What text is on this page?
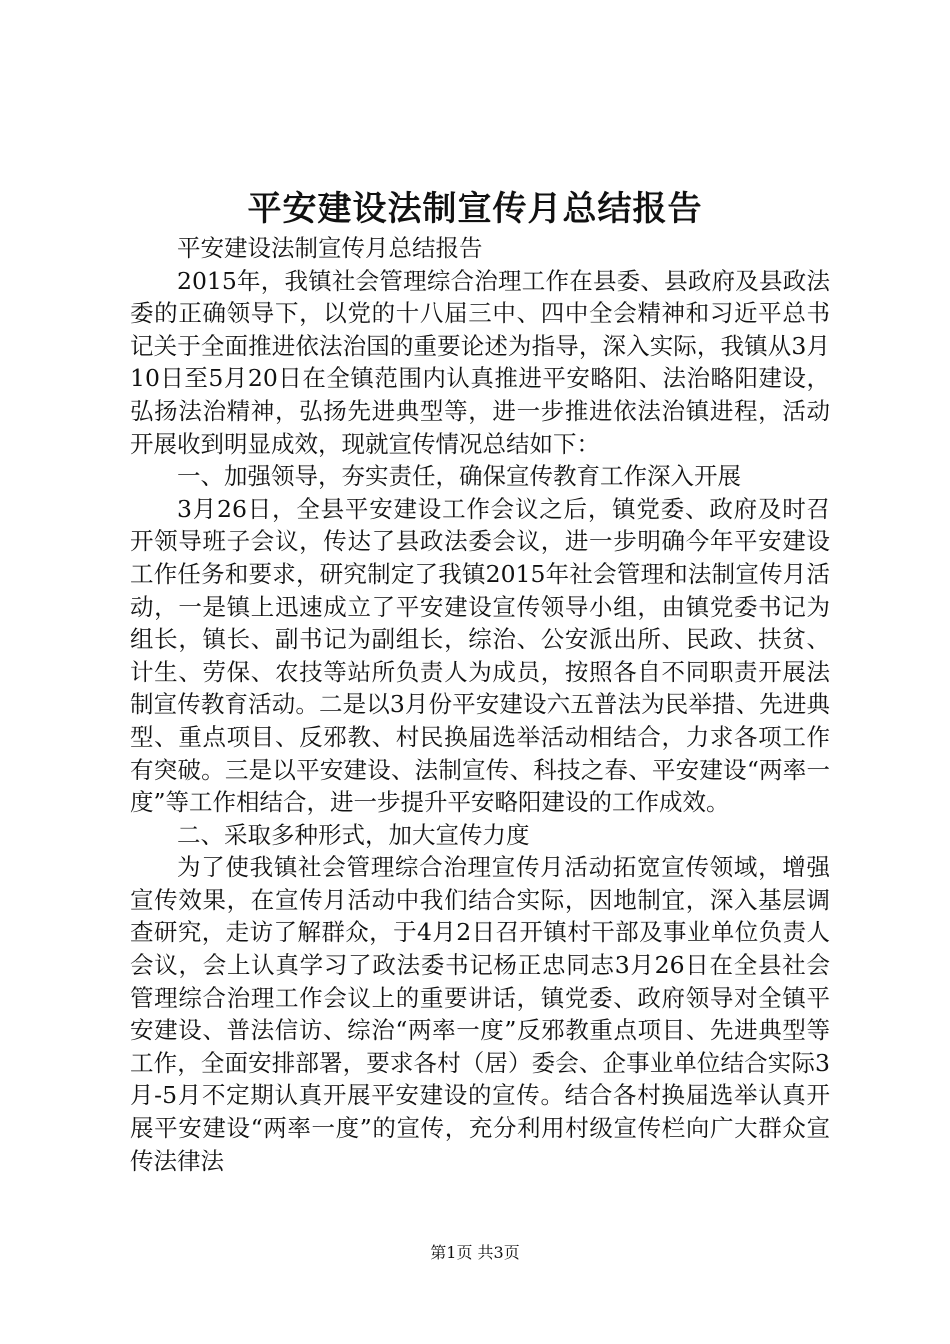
平安建设法制宣传月总结报告

平安建设法制宣传月总结报告

2015年，我镇社会管理综合治理工作在县委、县政府及县政法委的正确领导下，以党的十八届三中、四中全会精神和习近平总书记关于全面推进依法治国的重要论述为指导，深入实际，我镇从3月10日至5月20日在全镇范围内认真推进平安略阳、法治略阳建设，弘扬法治精神，弘扬先进典型等，进一步推进依法治镇进程，活动开展收到明显成效，现就宣传情况总结如下：

一、加强领导，夯实责任，确保宣传教育工作深入开展

3月26日，全县平安建设工作会议之后，镇党委、政府及时召开领导班子会议，传达了县政法委会议，进一步明确今年平安建设工作任务和要求，研究制定了我镇2015年社会管理和法制宣传月活动，一是镇上迅速成立了平安建设宣传领导小组，由镇党委书记为组长，镇长、副书记为副组长，综治、公安派出所、民政、扶贫、计生、劳保、农技等站所负责人为成员，按照各自不同职责开展法制宣传教育活动。二是以3月份平安建设六五普法为民举措、先进典型、重点项目、反邪教、村民换届选举活动相结合，力求各项工作有突破。三是以平安建设、法制宣传、科技之春、平安建设“两率一度”等工作相结合，进一步提升平安略阳建设的工作成效。

二、采取多种形式，加大宣传力度

为了使我镇社会管理综合治理宣传月活动拓宽宣传领域，增强宣传效果，在宣传月活动中我们结合实际，因地制宜，深入基层调查研究，走访了解群众，于4月2日召开镇村干部及事业单位负责人会议，会上认真学习了政法委书记杨正忠同志3月26日在全县社会管理综合治理工作会议上的重要讲话，镇党委、政府领导对全镇平安建设、普法信访、综治“两率一度”反邪教重点项目、先进典型等工作，全面安排部署，要求各村（居）委会、企事业单位结合实际3月-5月不定期认真开展平安建设的宣传。结合各村换届选举认真开展平安建设“两率一度”的宣传，充分利用村级宣传栏向广大群众宣传法律法

第1页 共3页
